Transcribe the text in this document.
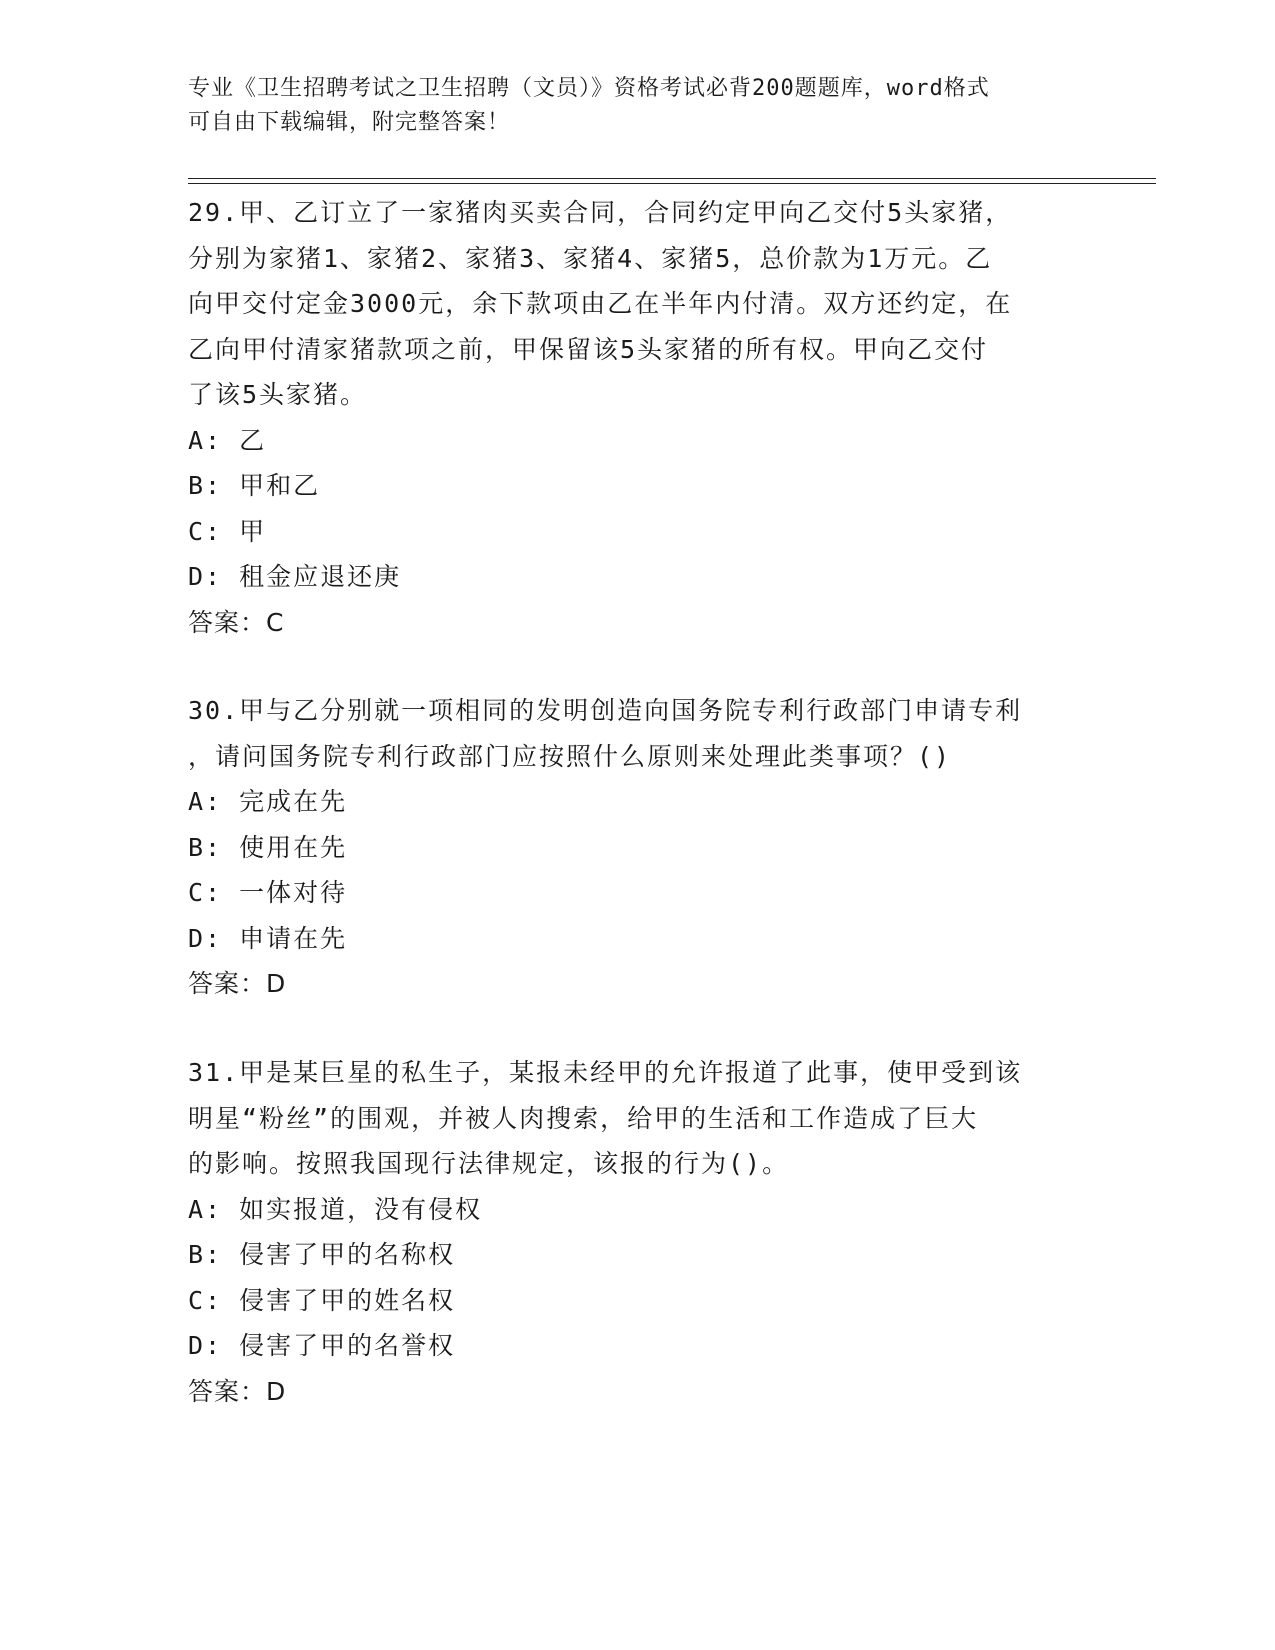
专业《卫生招聘考试之卫生招聘（文员）》资格考试必背200题题库，word格式
可自由下载编辑，附完整答案！

29.甲、乙订立了一家猪肉买卖合同，合同约定甲向乙交付5头家猪，

分别为家猪1、家猪2、家猪3、家猪4、家猪5，总价款为1万元。乙

向甲交付定金3000元，余下款项由乙在半年内付清。双方还约定，在

乙向甲付清家猪款项之前，甲保留该5头家猪的所有权。甲向乙交付

了该5头家猪。

A: 乙

B: 甲和乙

C: 甲

D: 租金应退还庚

答案：C

30.甲与乙分别就一项相同的发明创造向国务院专利行政部门申请专利

，请问国务院专利行政部门应按照什么原则来处理此类事项？()

A: 完成在先

B: 使用在先

C: 一体对待

D: 申请在先

答案：D

31.甲是某巨星的私生子，某报未经甲的允许报道了此事，使甲受到该

明星“粉丝”的围观，并被人肉搜索，给甲的生活和工作造成了巨大

的影响。按照我国现行法律规定，该报的行为()。

A: 如实报道，没有侵权

B: 侵害了甲的名称权

C: 侵害了甲的姓名权

D: 侵害了甲的名誉权

答案：D
